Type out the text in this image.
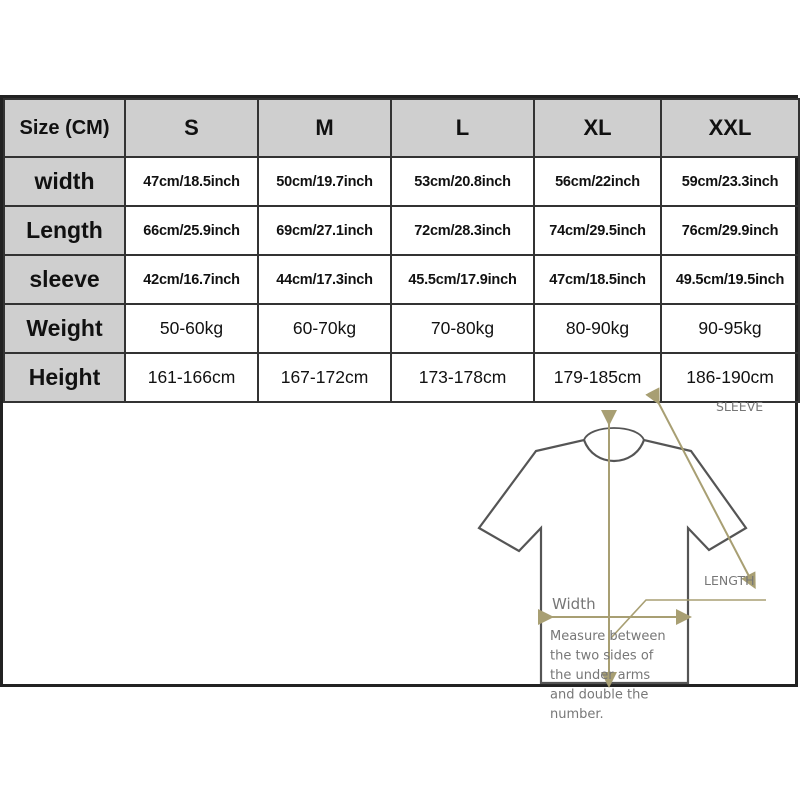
Size (CM)	S	M	L	XL	XXL
width	47cm/18.5inch	50cm/19.7inch	53cm/20.8inch	56cm/22inch	59cm/23.3inch
Length	66cm/25.9inch	69cm/27.1inch	72cm/28.3inch	74cm/29.5inch	76cm/29.9inch
sleeve	42cm/16.7inch	44cm/17.3inch	45.5cm/17.9inch	47cm/18.5inch	49.5cm/19.5inch
Weight	50-60kg	60-70kg	70-80kg	80-90kg	90-95kg
Height	161-166cm	167-172cm	173-178cm	179-185cm	186-190cm
SLEEVE
Width
LENGTH
Measure between
the two sides of
the under arms
and double the
number.
